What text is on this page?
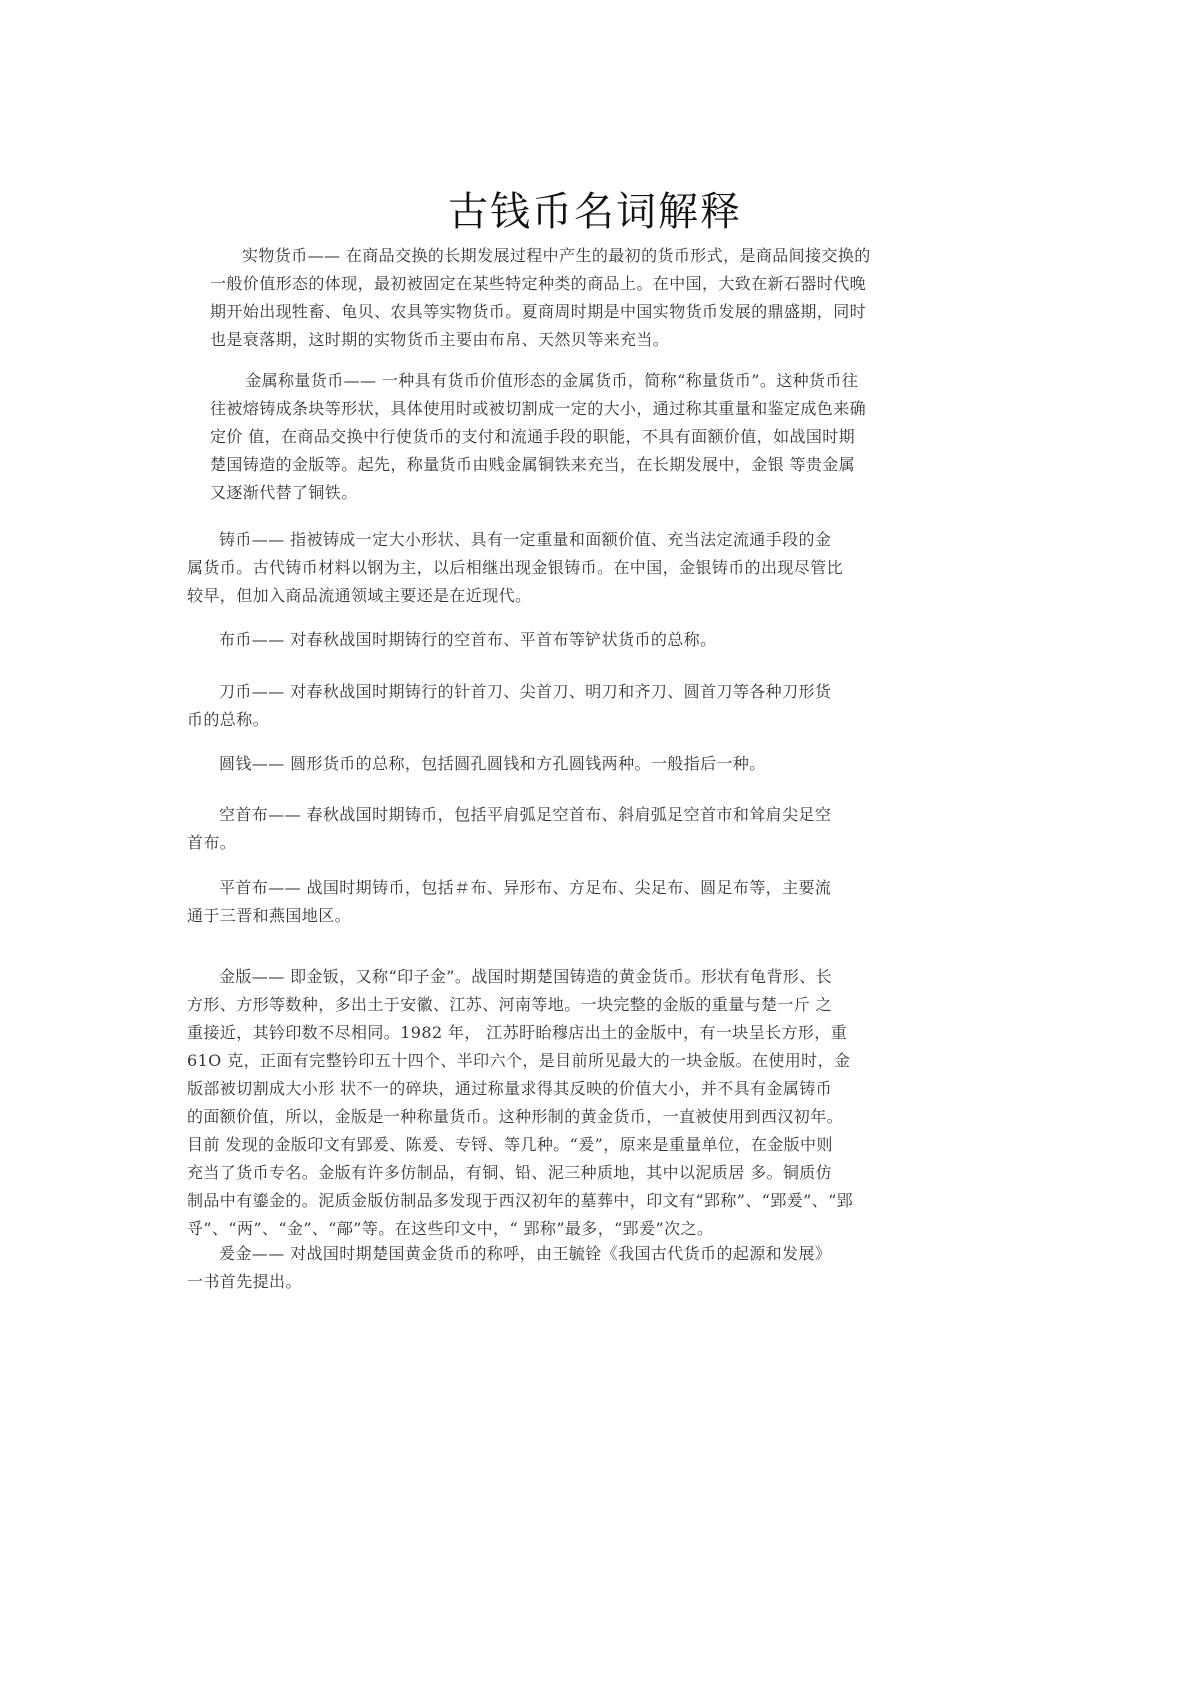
古钱币名词解释
实物货币—— 在商品交换的长期发展过程中产生的最初的货币形式，是商品间接交换的
一般价值形态的体现，最初被固定在某些特定种类的商品上。在中国，大致在新石器时代晚
期开始出现牲畜、龟贝、农具等实物货币。夏商周时期是中国实物货币发展的鼎盛期，同时
也是衰落期，这时期的实物货币主要由布帛、天然贝等来充当。
金属称量货币—— 一种具有货币价值形态的金属货币，简称“称量货币”。这种货币往
往被熔铸成条块等形状，具体使用时或被切割成一定的大小，通过称其重量和鉴定成色来确
定价 值，在商品交换中行使货币的支付和流通手段的职能，不具有面额价值，如战国时期
楚国铸造的金版等。起先，称量货币由贱金属铜铁来充当，在长期发展中，金银 等贵金属
又逐渐代替了铜铁。
铸币—— 指被铸成一定大小形状、具有一定重量和面额价值、充当法定流通手段的金
属货币。古代铸币材料以钢为主，以后相继出现金银铸币。在中国，金银铸币的出现尽管比
较早，但加入商品流通领域主要还是在近现代。
布币—— 对春秋战国时期铸行的空首布、平首布等铲状货币的总称。
刀币—— 对春秋战国时期铸行的针首刀、尖首刀、明刀和齐刀、圆首刀等各种刀形货
币的总称。
圆钱—— 圆形货币的总称，包括圆孔圆钱和方孔圆钱两种。一般指后一种。
空首布—— 春秋战国时期铸币，包括平肩弧足空首布、斜肩弧足空首市和耸肩尖足空
首布。
平首布—— 战国时期铸币，包括＃布、异形布、方足布、尖足布、圆足布等，主要流
通于三晋和燕国地区。
金版—— 即金钣，又称“印子金”。战国时期楚国铸造的黄金货币。形状有龟背形、长
方形、方形等数种，多出土于安徽、江苏、河南等地。一块完整的金版的重量与楚一斤 之
重接近，其钤印数不尽相同。1982 年， 江苏盱眙穆店出土的金版中，有一块呈长方形，重
61O 克，正面有完整钤印五十四个、半印六个，是目前所见最大的一块金版。在使用时，金
版部被切割成大小形 状不一的碎块，通过称量求得其反映的价值大小，并不具有金属铸币
的面额价值，所以，金版是一种称量货币。这种形制的黄金货币，一直被使用到西汉初年。
目前 发现的金版印文有郢爰、陈爰、专锊、等几种。“爰”，原来是重量单位，在金版中则
充当了货币专名。金版有许多仿制品，有铜、铅、泥三种质地，其中以泥质居 多。铜质仿
制品中有鎏金的。泥质金版仿制品多发现于西汉初年的墓葬中，印文有“郢称”、“郢爰”、“郢
寽”、“两”、“金”、“鄗”等。在这些印文中，“ 郢称”最多，“郢爰”次之。
爰金—— 对战国时期楚国黄金货币的称呼，由王毓铨《我国古代货币的起源和发展》
一书首先提出。
